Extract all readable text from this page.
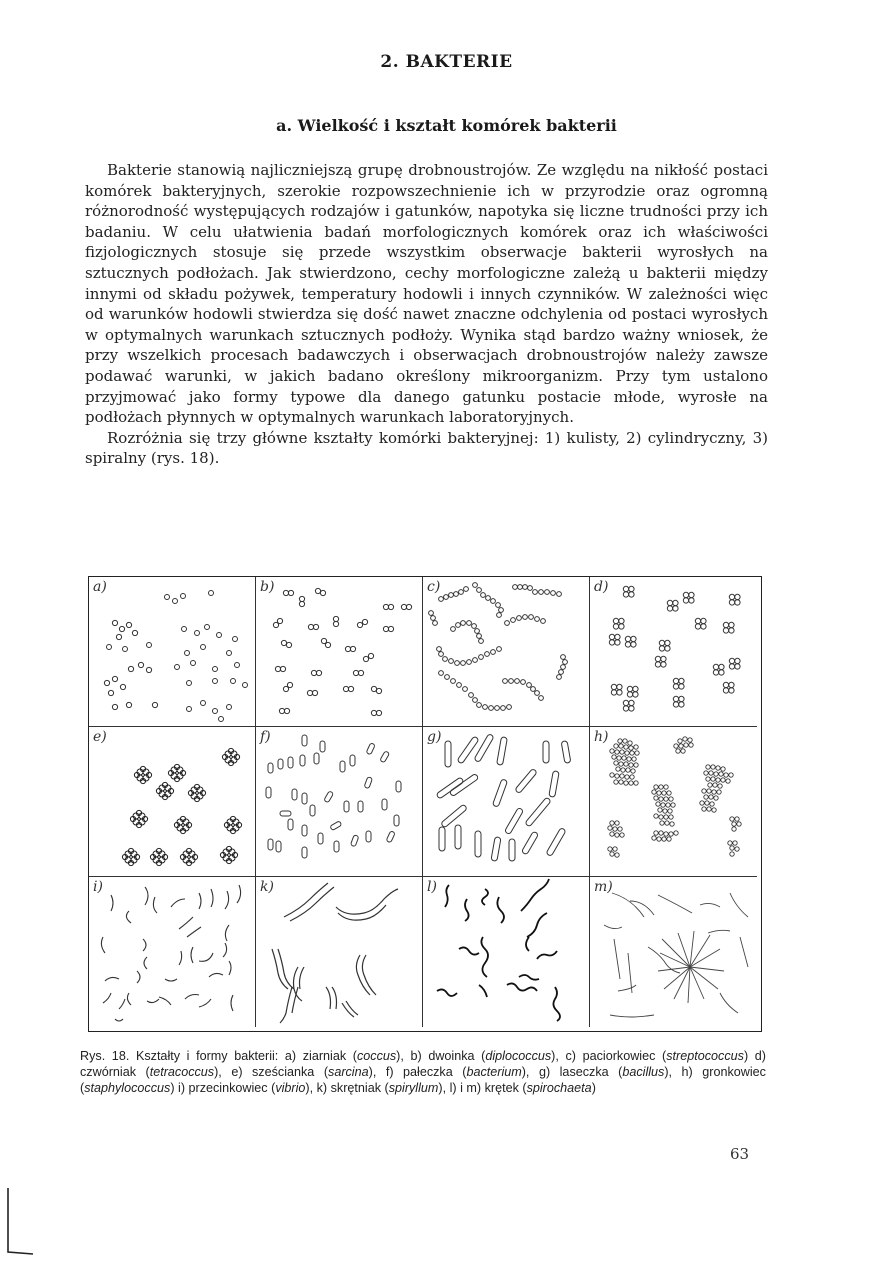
2. BAKTERIE
a. Wielkość i kształt komórek bakterii

Bakterie stanowią najliczniejszą grupę drobnoustrojów. Ze względu na nikłość postaci komórek bakteryjnych, szerokie rozpowszechnienie ich w przyrodzie oraz ogromną różnorodność występujących rodzajów i gatunków, napotyka się liczne trudności przy ich badaniu. W celu ułatwienia badań morfologicznych komórek oraz ich właściwości fizjologicznych stosuje się przede wszystkim obserwacje bakterii wyrosłych na sztucznych podłożach. Jak stwierdzono, cechy morfologiczne zależą u bakterii między innymi od składu pożywek, temperatury hodowli i innych czynników. W zależności więc od warunków hodowli stwierdza się dość nawet znaczne odchylenia od postaci wyrosłych w optymalnych warunkach sztucznych podłoży. Wynika stąd bardzo ważny wniosek, że przy wszelkich procesach badawczych i obserwacjach drobnoustrojów należy zawsze podawać warunki, w jakich badano określony mikroorganizm. Przy tym ustalono przyjmować jako formy typowe dla danego gatunku postacie młode, wyrosłe na podłożach płynnych w optymalnych warunkach laboratoryjnych.

Rozróżnia się trzy główne kształty komórki bakteryjnej: 1) kulisty, 2) cylindryczny, 3) spiralny (rys. 18).

a)	b)	c)	d)
e)	f)	g)	h)
i)	k)	l)	m)
Rys. 18. Kształty i formy bakterii: a) ziarniak (coccus), b) dwoinka (diplococcus), c) paciorkowiec (streptococcus) d) czwórniak (tetracoccus), e) sześcianka (sarcina), f) pałeczka (bacterium), g) laseczka (bacillus), h) gronkowiec (staphylococcus) i) przecinkowiec (vibrio), k) skrętniak (spiryllum), l) i m) krętek (spirochaeta)
63
